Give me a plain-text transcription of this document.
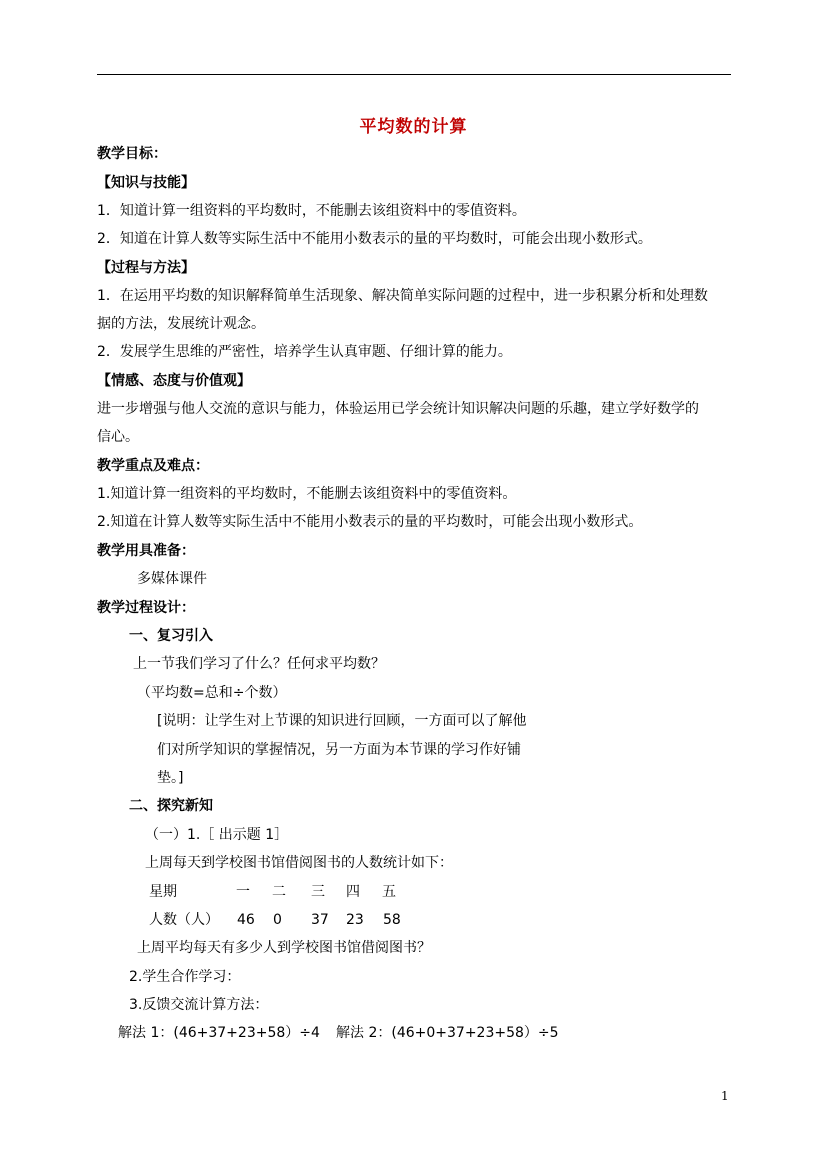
平均数的计算
教学目标：
【知识与技能】
1．知道计算一组资料的平均数时，不能删去该组资料中的零值资料。
2．知道在计算人数等实际生活中不能用小数表示的量的平均数时，可能会出现小数形式。
【过程与方法】
1．在运用平均数的知识解释简单生活现象、解决简单实际问题的过程中，进一步积累分析和处理数
据的方法，发展统计观念。
2．发展学生思维的严密性，培养学生认真审题、仔细计算的能力。
【情感、态度与价值观】
进一步增强与他人交流的意识与能力，体验运用已学会统计知识解决问题的乐趣，建立学好数学的
信心。
教学重点及难点：
1.知道计算一组资料的平均数时，不能删去该组资料中的零值资料。
2.知道在计算人数等实际生活中不能用小数表示的量的平均数时，可能会出现小数形式。
教学用具准备：
多媒体课件
教学过程设计：
一、复习引入
上一节我们学习了什么？任何求平均数？
（平均数=总和÷个数）
[说明：让学生对上节课的知识进行回顾，一方面可以了解他
们对所学知识的掌握情况，另一方面为本节课的学习作好铺
垫。]
二、探究新知
（一）1.［ 出示题 1］
上周每天到学校图书馆借阅图书的人数统计如下：
星期	一 二 三 四 五
人数（人） 46 0 37 23 58
上周平均每天有多少人到学校图书馆借阅图书？
2.学生合作学习：
3.反馈交流计算方法：
解法 1：(46+37+23+58）÷4 解法 2：(46+0+37+23+58）÷5
1
